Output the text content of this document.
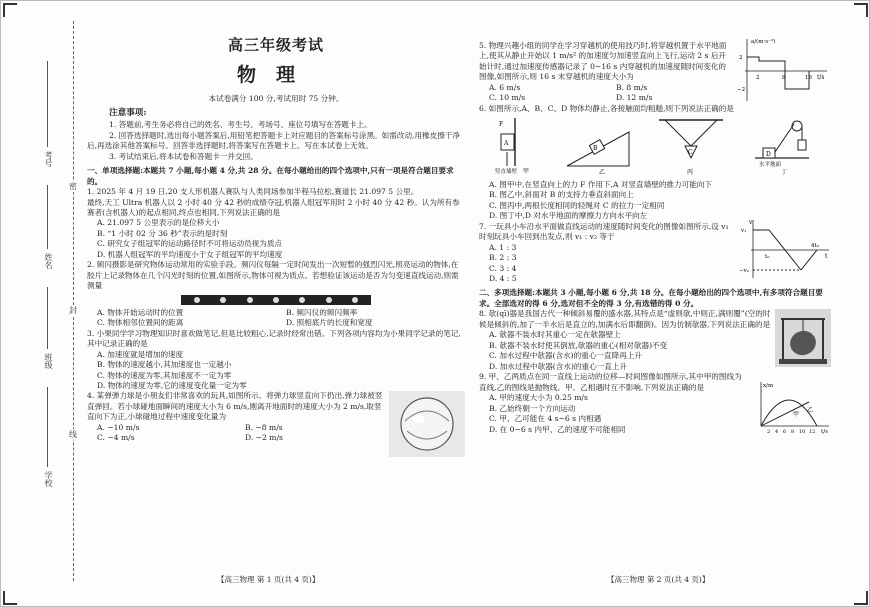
密
封
线
考号
姓名
班级
学校
高三年级考试
物理
本试卷满分 100 分,考试用时 75 分钟。
注意事项:

1. 答题前,考生务必将自己的姓名、考生号、考场号、座位号填写在答题卡上。

2. 回答选择题时,选出每小题答案后,用铅笔把答题卡上对应题目的答案标号涂黑。如需改动,用橡皮擦干净后,再选涂其他答案标号。回答非选择题时,将答案写在答题卡上。写在本试卷上无效。

3. 考试结束后,将本试卷和答题卡一并交回。

一、单项选择题:本题共 7 小题,每小题 4 分,共 28 分。在每小题给出的四个选项中,只有一项是符合题目要求的。

1. 2025 年 4 月 19 日,20 支人形机器人赛队与人类同场参加半程马拉松,赛道长 21.097 5 公里。

最终,天工 Ultra 机器人以 2 小时 40 分 42 秒的成绩夺冠,机器人组冠军用时 2 小时 40 分 42 秒。认为所有参赛者(含机器人)的起点相同,终点也相同,下列说法正确的是

A. 21.097 5 公里表示的是位移大小

B. “1 小时 02 分 36 秒”表示的是时刻

C. 研究女子组冠军的运动路径时不可将运动员视为质点

D. 机器人组冠军的平均速度小于女子组冠军的平均速度

2. 频闪摄影是研究物体运动常用的实验手段。频闪仪每隔一定时间发出一次短暂的强烈闪光,照亮运动的物体,在胶片上记录物体在几个闪光时刻的位置,如图所示,物体可视为质点。若想验证该运动是否为匀变速直线运动,则需测量

A. 物体开始运动时的位置	B. 频闪仪的频闪频率
C. 物体相邻位置间的距离	D. 照相底片的长度和宽度

3. 小果同学学习物理知识时喜欢做笔记,但是比较粗心,记录时经常出错。下列各项内容均为小果同学记录的笔记,其中记录正确的是

A. 加速度就是增加的速度

B. 物体的速度越小,其加速度也一定越小

C. 物体的速度为零,其加速度不一定为零

D. 物体的速度为零,它的速度变化量一定为零

4. 某弹弹力球是小朋友们非常喜欢的玩具,如图所示。将弹力球竖直向下扔出,弹力球被竖直弹回。若小球碰地面瞬间的速度大小为 6 m/s,刚离开地面时的速度大小为 2 m/s,取竖直向下为正,小球碰地过程中速度变化量为

A. −10 m/s	B. −8 m/s
C. −4 m/s	D. −2 m/s
【高三物理 第 1 页(共 4 页)】

5. 物理兴趣小组的同学在学习穿越机的使用技巧时,将穿越机置于水平地面上,使其从静止开始以 1 m/s² 的加速度匀加速竖直向上飞行,运动 2 s 后开始计时,通过加速度传感器记录了 0~16 s 内穿越机的加速度随时间变化的图像,如图所示,则 16 s 末穿越机的速度大小为

A. 6 m/s	B. 8 m/s
C. 10 m/s	D. 12 m/s
a/(m·s⁻²)
t/s
2	8	16
2
−2

6. 如图所示,A、B、C、D 物体均静止,各接触面均粗糙,则下列说法正确的是

A
F
竖直墙壁 甲
B
乙
C
丙
D
水平地面
丁

A. 图甲中,在竖直向上的力 F 作用下,A 对竖直墙壁的推力可能向下

B. 图乙中,斜面对 B 的支持力垂直斜面向上

C. 图丙中,两根长度相同的轻绳对 C 的拉力一定相同

D. 图丁中,D 对水平地面的摩擦力方向水平向左

7. 一玩具小车沿水平面做直线运动的速度随时间变化的图像如图所示,设 v₁ 时刻玩具小车回到出发点,则 v₁ : v₂ 等于

A. 1 : 3

B. 2 : 3

C. 3 : 4

D. 4 : 5

v
v₁
−v₂
t₀
4t₀
t

二、多项选择题:本题共 3 小题,每小题 6 分,共 18 分。在每小题给出的四个选项中,有多项符合题目要求。全部选对的得 6 分,选对但不全的得 3 分,有选错的得 0 分。

8. 欹(qī)器是我国古代一种倾斜易覆的盛水器,其特点是“虚则欹,中则正,满则覆”(空的时候是倾斜的,加了一半水后是直立的,加满水后即翻倒)。因为仿制欹器,下列说法正确的是

A. 欹器不装水时其重心一定在欹器壁上

B. 欹器不装水时使其倒放,欹器的重心(相对欹器)不变

C. 加水过程中欹器(含水)的重心一直降再上升

D. 加水过程中欹器(含水)的重心一直上升

9. 甲、乙两质点在同一直线上运动的位移—时间图像如图所示,其中甲的图线为直线,乙的图线是抛物线。甲、乙相遇时互不影响,下列说法正确的是

A. 甲的速度大小为 0.25 m/s

B. 乙始终朝一个方向运动

C. 甲、乙可能在 4 s~6 s 内相遇

D. 在 0~6 s 内甲、乙的速度不可能相同

x/m
甲
乙
t/s
2 4 6 8 10 12
【高三物理 第 2 页(共 4 页)】
